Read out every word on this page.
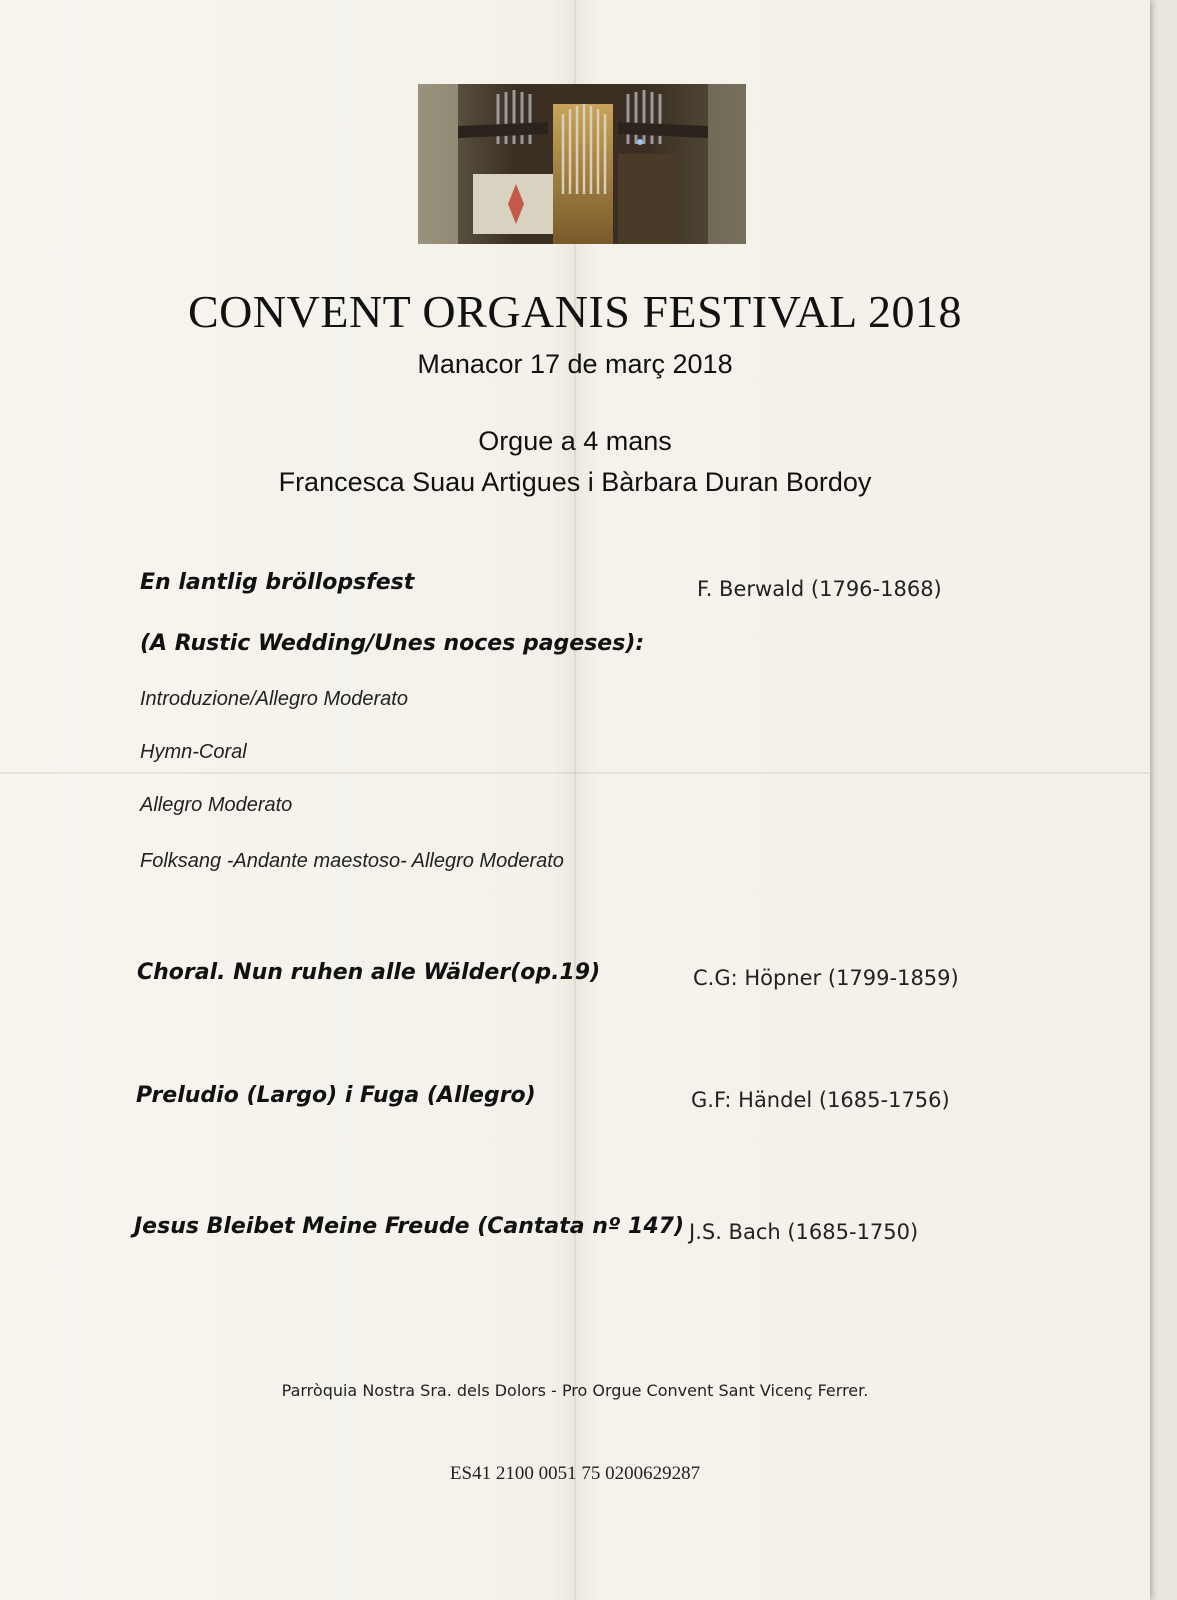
CONVENT ORGANIS FESTIVAL 2018
Manacor 17 de març 2018
Orgue a 4 mans
Francesca Suau Artigues i Bàrbara Duran Bordoy
En lantlig bröllopsfest	F. Berwald (1796-1868)
(A Rustic Wedding/Unes noces pageses):
Introduzione/Allegro Moderato
Hymn-Coral
Allegro Moderato
Folksang -Andante maestoso- Allegro Moderato
Choral. Nun ruhen alle Wälder(op.19)	C.G: Höpner (1799-1859)
Preludio (Largo) i Fuga (Allegro)	G.F: Händel (1685-1756)
Jesus Bleibet Meine Freude (Cantata nº 147) J.S. Bach (1685-1750)
Parròquia Nostra Sra. dels Dolors - Pro Orgue Convent Sant Vicenç Ferrer.
ES41 2100 0051 75 0200629287
